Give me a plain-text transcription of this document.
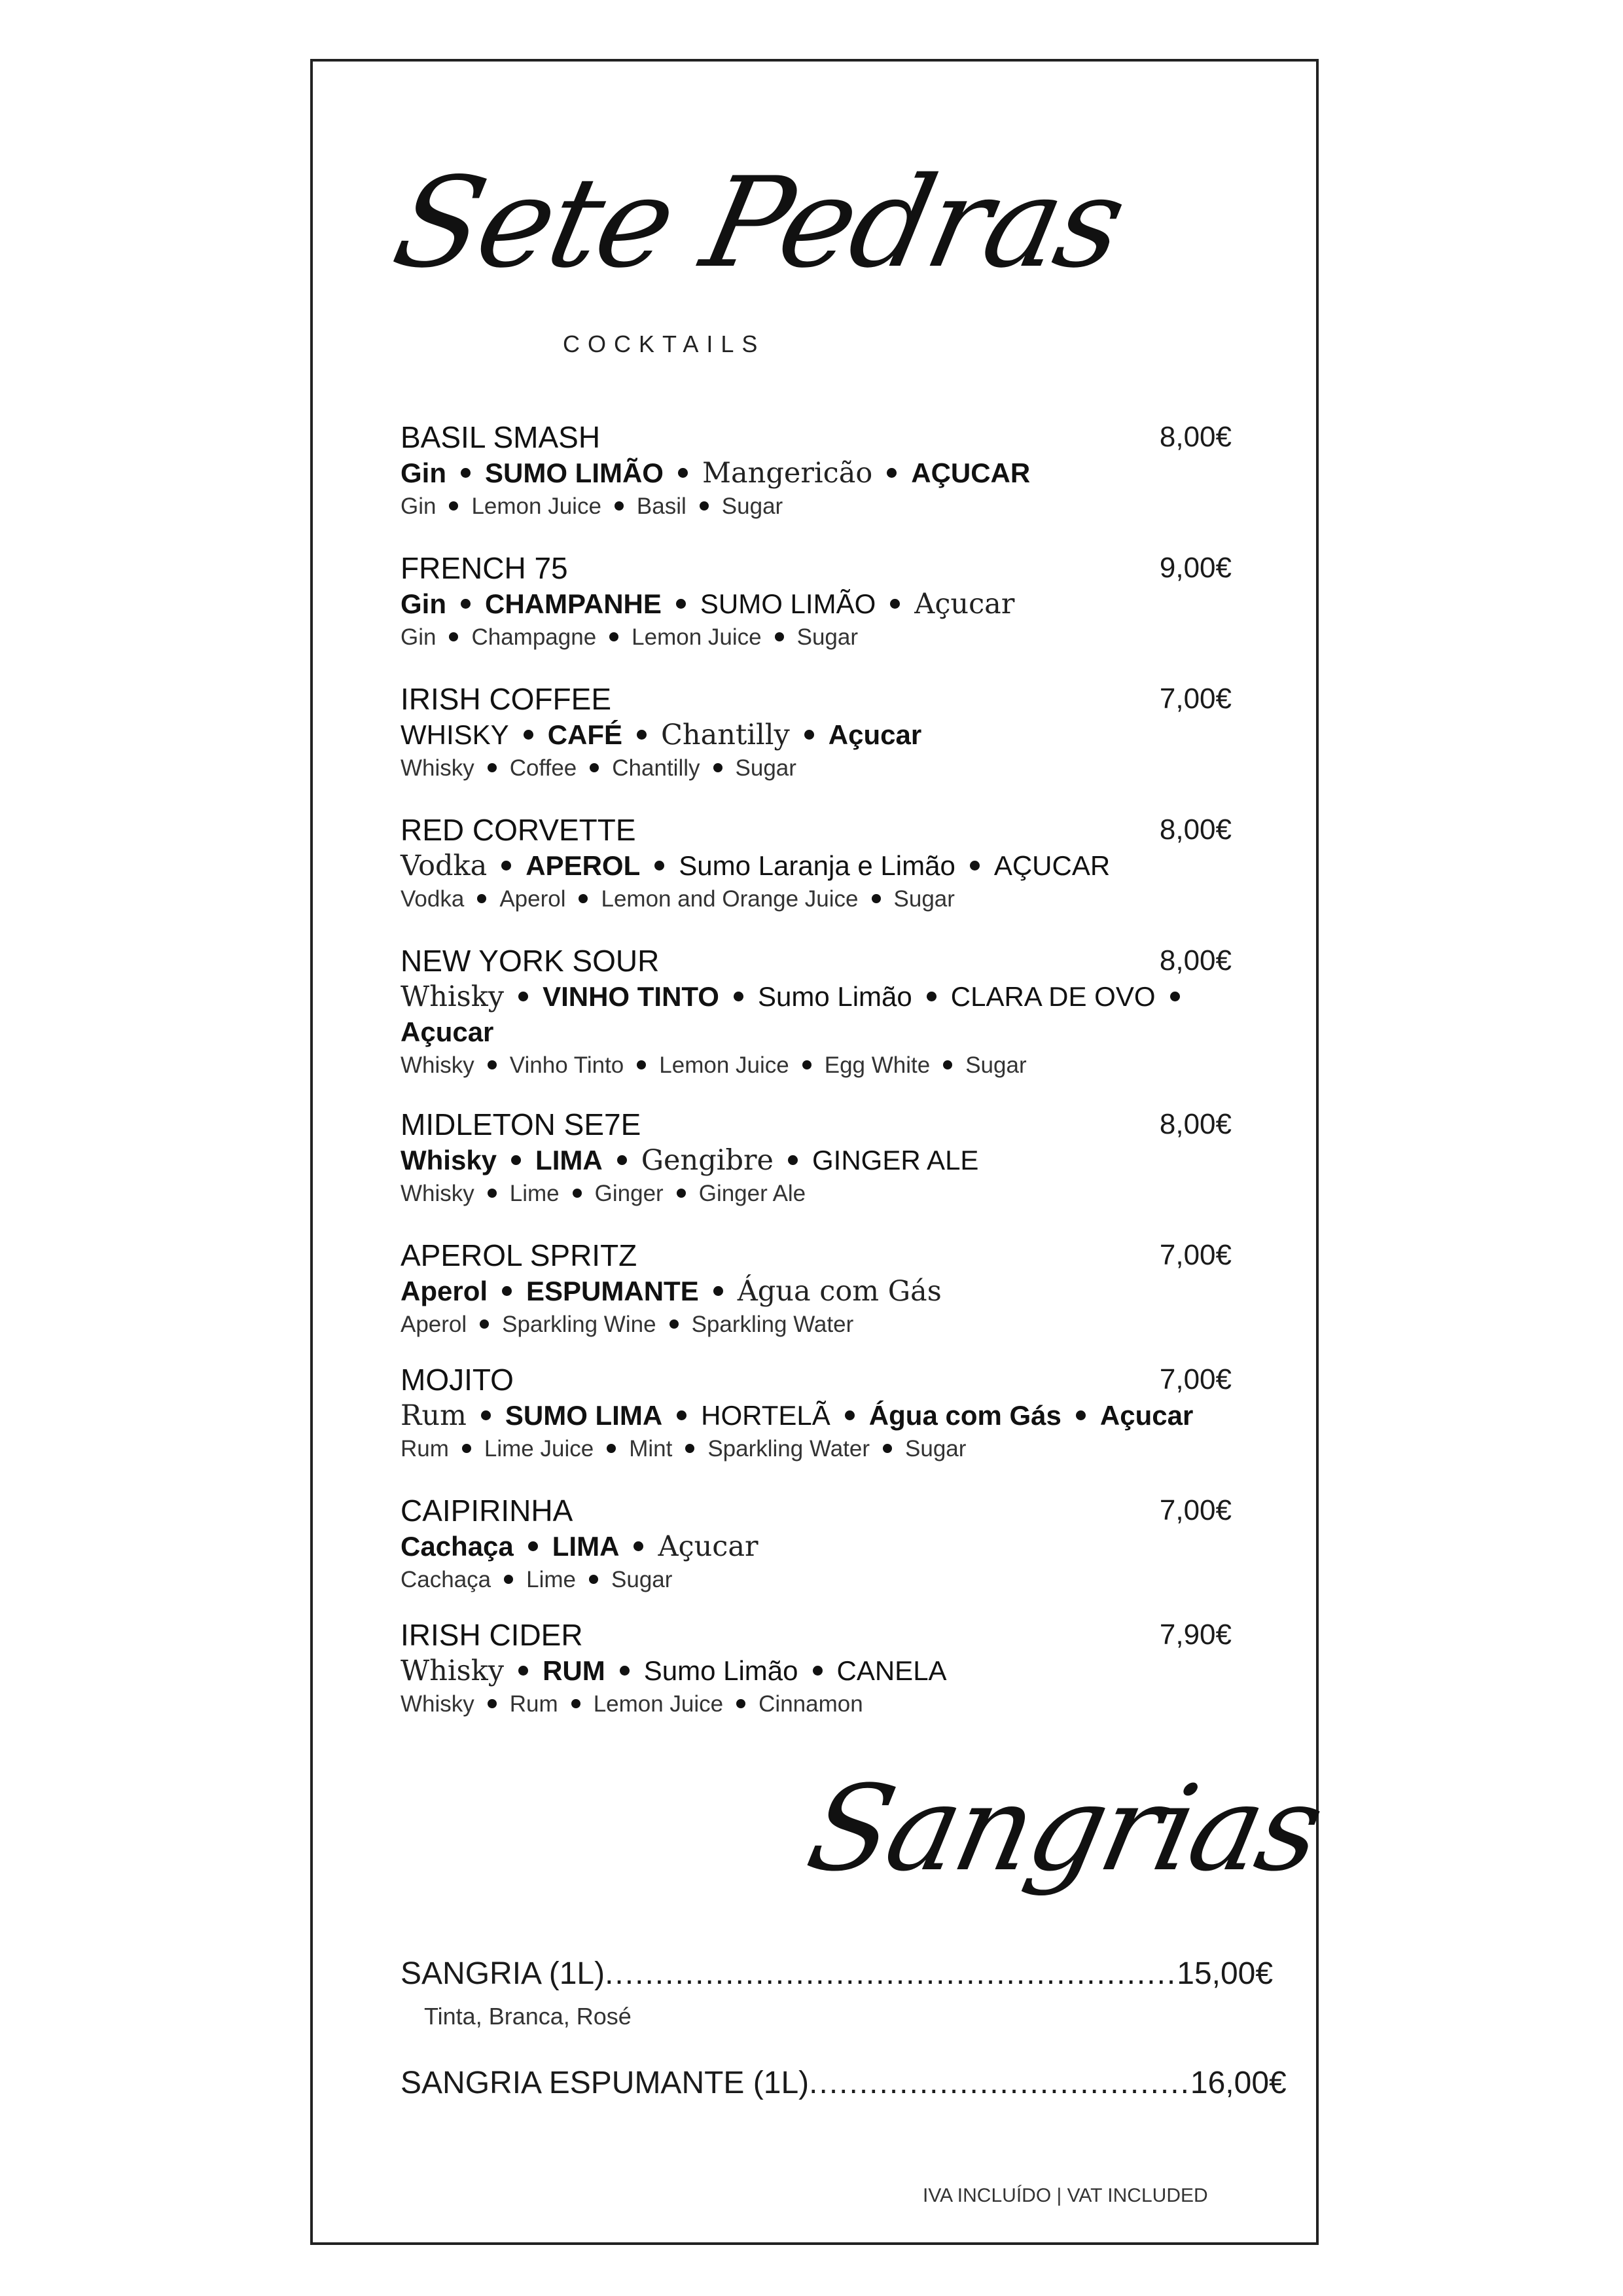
Sete Pedras
COCKTAILS
BASIL SMASH	8,00€
Gin SUMO LIMÃO Mangericão AÇUCAR
Gin Lemon Juice Basil Sugar
FRENCH 75	9,00€
Gin CHAMPANHE SUMO LIMÃO Açucar
Gin Champagne Lemon Juice Sugar
IRISH COFFEE	7,00€
WHISKY CAFÉ Chantilly Açucar
Whisky Coffee Chantilly Sugar
RED CORVETTE	8,00€
Vodka APEROL Sumo Laranja e Limão AÇUCAR
Vodka Aperol Lemon and Orange Juice Sugar
NEW YORK SOUR	8,00€
Whisky VINHO TINTO Sumo Limão CLARA DE OVO
Açucar
Whisky Vinho Tinto Lemon Juice Egg White Sugar
MIDLETON SE7E	8,00€
Whisky LIMA Gengibre GINGER ALE
Whisky Lime Ginger Ginger Ale
APEROL SPRITZ	7,00€
Aperol ESPUMANTE Água com Gás
Aperol Sparkling Wine Sparkling Water
MOJITO	7,00€
Rum SUMO LIMA HORTELÃ Água com Gás Açucar
Rum Lime Juice Mint Sparkling Water Sugar
CAIPIRINHA	7,00€
Cachaça LIMA Açucar
Cachaça Lime Sugar
IRISH CIDER	7,90€
Whisky RUM Sumo Limão CANELA
Whisky Rum Lemon Juice Cinnamon
Sangrias
SANGRIA (1L).........................................................15,00€
Tinta, Branca, Rosé
SANGRIA ESPUMANTE (1L)......................................16,00€
IVA INCLUÍDO | VAT INCLUDED
